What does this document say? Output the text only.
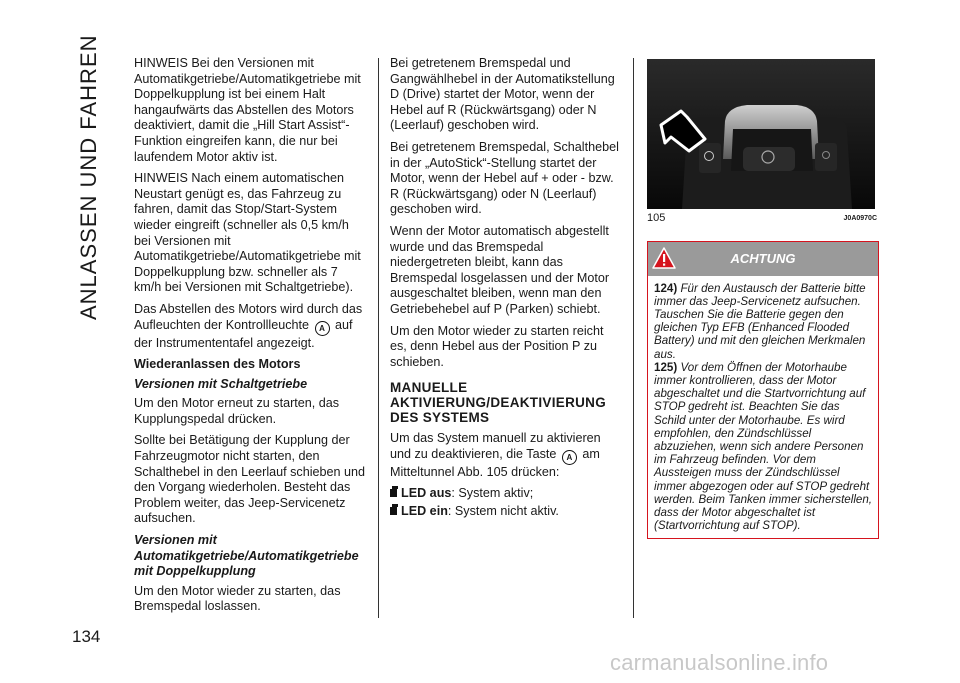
ANLASSEN UND FAHREN
134

HINWEIS Bei den Versionen mit Automatikgetriebe/Automatikgetriebe mit Doppelkupplung ist bei einem Halt hangaufwärts das Abstellen des Motors deaktiviert, damit die „Hill Start Assist“-Funktion eingreifen kann, die nur bei laufendem Motor aktiv ist.

HINWEIS Nach einem automatischen Neustart genügt es, das Fahrzeug zu fahren, damit das Stop/Start-System wieder eingreift (schneller als 0,5 km/h bei Versionen mit Automatikgetriebe/Automatikgetriebe mit Doppelkupplung bzw. schneller als 7 km/h bei Versionen mit Schaltgetriebe).

Das Abstellen des Motors wird durch das Aufleuchten der Kontrollleuchte A auf der Instrumententafel angezeigt.

Wiederanlassen des Motors
Versionen mit Schaltgetriebe

Um den Motor erneut zu starten, das Kupplungspedal drücken.

Sollte bei Betätigung der Kupplung der Fahrzeugmotor nicht starten, den Schalthebel in den Leerlauf schieben und den Vorgang wiederholen. Besteht das Problem weiter, das Jeep-Servicenetz aufsuchen.

Versionen mit Automatikgetriebe/Automatikgetriebe mit Doppelkupplung

Um den Motor wieder zu starten, das Bremspedal loslassen.

Bei getretenem Bremspedal und Gangwählhebel in der Automatikstellung D (Drive) startet der Motor, wenn der Hebel auf R (Rückwärtsgang) oder N (Leerlauf) geschoben wird.

Bei getretenem Bremspedal, Schalthebel in der „AutoStick“-Stellung startet der Motor, wenn der Hebel auf + oder - bzw. R (Rückwärtsgang) oder N (Leerlauf) geschoben wird.

Wenn der Motor automatisch abgestellt wurde und das Bremspedal niedergetreten bleibt, kann das Bremspedal losgelassen und der Motor ausgeschaltet bleiben, wenn man den Getriebehebel auf P (Parken) schiebt.

Um den Motor wieder zu starten reicht es, denn Hebel aus der Position P zu schieben.

MANUELLE AKTIVIERUNG/DEAKTIVIERUNG DES SYSTEMS

Um das System manuell zu aktivieren und zu deaktivieren, die Taste A am Mitteltunnel Abb. 105 drücken:

LED aus: System aktiv;
LED ein: System nicht aktiv.
105	J0A0970C
ACHTUNG

124) Für den Austausch der Batterie bitte immer das Jeep-Servicenetz aufsuchen. Tauschen Sie die Batterie gegen den gleichen Typ EFB (Enhanced Flooded Battery) und mit den gleichen Merkmalen aus.

125) Vor dem Öffnen der Motorhaube immer kontrollieren, dass der Motor abgeschaltet und die Startvorrichtung auf STOP gedreht ist. Beachten Sie das Schild unter der Motorhaube. Es wird empfohlen, den Zündschlüssel abzuziehen, wenn sich andere Personen im Fahrzeug befinden. Vor dem Aussteigen muss der Zündschlüssel immer abgezogen oder auf STOP gedreht werden. Beim Tanken immer sicherstellen, dass der Motor abgeschaltet ist (Startvorrichtung auf STOP).

carmanualsonline.info
